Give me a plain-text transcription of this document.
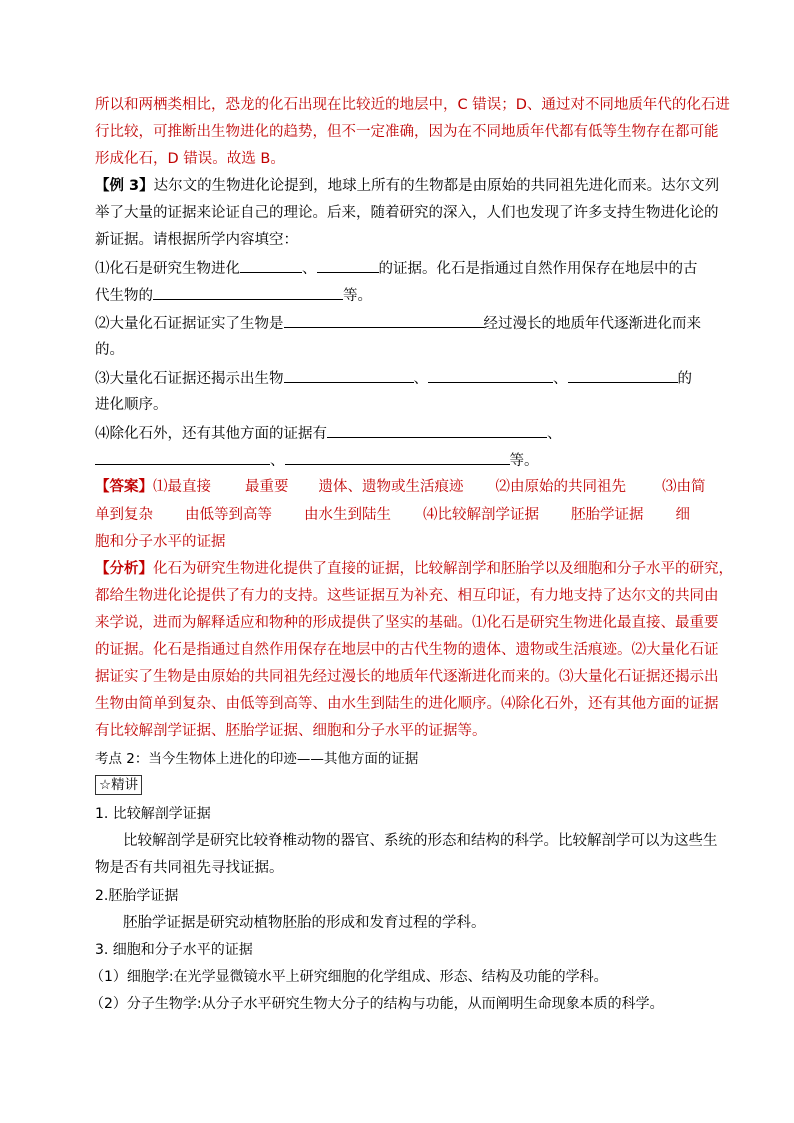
所以和两栖类相比，恐龙的化石出现在比较近的地层中，C 错误；D、通过对不同地质年代的化石进
行比较，可推断出生物进化的趋势，但不一定准确，因为在不同地质年代都有低等生物存在都可能
形成化石，D 错误。故选 B。
【例 3】达尔文的生物进化论提到，地球上所有的生物都是由原始的共同祖先进化而来。达尔文列
举了大量的证据来论证自己的理论。后来，随着研究的深入，人们也发现了许多支持生物进化论的
新证据。请根据所学内容填空：
⑴化石是研究生物进化	、	的证据。化石是指通过自然作用保存在地层中的古
代生物的	等。
⑵大量化石证据证实了生物是	经过漫长的地质年代逐渐进化而来
的。
⑶大量化石证据还揭示出生物	、	、	的
进化顺序。
⑷除化石外，还有其他方面的证据有	、
、	等。
【答案】⑴最直接 最重要 遗体、遗物或生活痕迹 ⑵由原始的共同祖先 ⑶由简
单到复杂 由低等到高等 由水生到陆生 ⑷比较解剖学证据 胚胎学证据 细
胞和分子水平的证据
【分析】化石为研究生物进化提供了直接的证据，比较解剖学和胚胎学以及细胞和分子水平的研究，
都给生物进化论提供了有力的支持。这些证据互为补充、相互印证，有力地支持了达尔文的共同由
来学说，进而为解释适应和物种的形成提供了坚实的基础。⑴化石是研究生物进化最直接、最重要
的证据。化石是指通过自然作用保存在地层中的古代生物的遗体、遗物或生活痕迹。⑵大量化石证
据证实了生物是由原始的共同祖先经过漫长的地质年代逐渐进化而来的。⑶大量化石证据还揭示出
生物由简单到复杂、由低等到高等、由水生到陆生的进化顺序。⑷除化石外，还有其他方面的证据
有比较解剖学证据、胚胎学证据、细胞和分子水平的证据等。
考点 2：当今生物体上进化的印迹——其他方面的证据
☆精讲
1. 比较解剖学证据
比较解剖学是研究比较脊椎动物的器官、系统的形态和结构的科学。比较解剖学可以为这些生
物是否有共同祖先寻找证据。
2.胚胎学证据
胚胎学证据是研究动植物胚胎的形成和发育过程的学科。
3. 细胞和分子水平的证据
（1）细胞学:在光学显微镜水平上研究细胞的化学组成、形态、结构及功能的学科。
（2）分子生物学:从分子水平研究生物大分子的结构与功能，从而阐明生命现象本质的科学。
